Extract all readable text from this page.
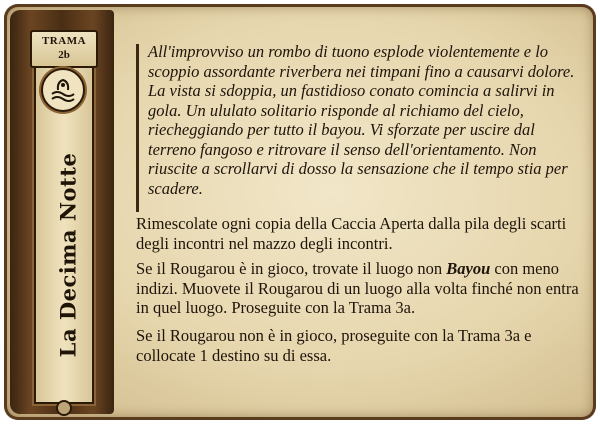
TRAMA
2b
La Decima Notte

All'improvviso un rombo di tuono esplode violentemente e lo scoppio assordante riverbera nei timpani fino a causarvi dolore. La vista si sdoppia, un fastidioso conato comincia a salirvi in gola. Un ululato solitario risponde al richiamo del cielo, riecheggiando per tutto il bayou. Vi sforzate per uscire dal terreno fangoso e ritrovare il senso dell'orientamento. Non riuscite a scrollarvi di dosso la sensazione che il tempo stia per scadere.

Rimescolate ogni copia della Caccia Aperta dalla pila degli scarti degli incontri nel mazzo degli incontri.

Se il Rougarou è in gioco, trovate il luogo non Bayou con meno indizi. Muovete il Rougarou di un luogo alla volta finché non entra in quel luogo. Proseguite con la Trama 3a.

Se il Rougarou non è in gioco, proseguite con la Trama 3a e collocate 1 destino su di essa.
